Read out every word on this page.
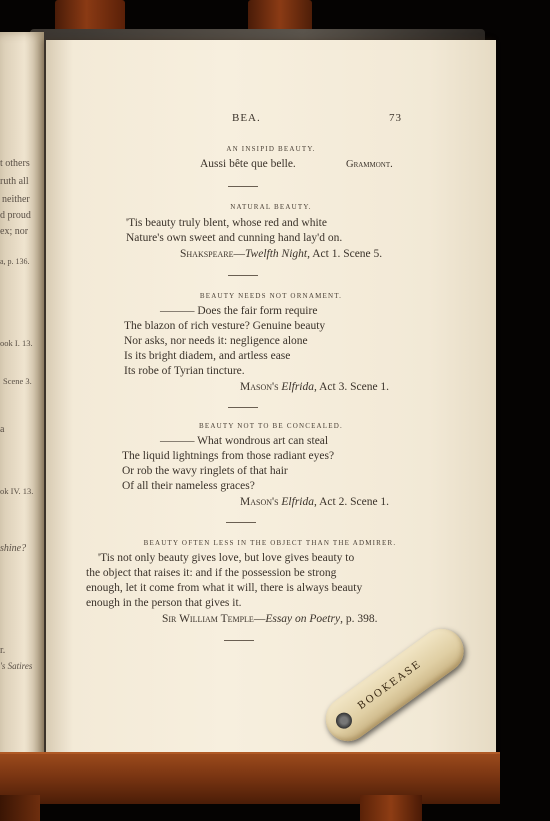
t others
ruth all
neither
d proud
ex; nor
a, p. 136.
ook I. 13.
Scene 3.
a
ok IV. 13.
shine?
r.
's Satires
BEA.	73
AN INSIPID BEAUTY.
Aussi bête que belle.	Grammont.
NATURAL BEAUTY.
'Tis beauty truly blent, whose red and white
Nature's own sweet and cunning hand lay'd on.
Shakspeare—Twelfth Night, Act 1. Scene 5.
BEAUTY NEEDS NOT ORNAMENT.
——— Does the fair form require
The blazon of rich vesture? Genuine beauty
Nor asks, nor needs it: negligence alone
Is its bright diadem, and artless ease
Its robe of Tyrian tincture.
Mason's Elfrida, Act 3. Scene 1.
BEAUTY NOT TO BE CONCEALED.
——— What wondrous art can steal
The liquid lightnings from those radiant eyes?
Or rob the wavy ringlets of that hair
Of all their nameless graces?
Mason's Elfrida, Act 2. Scene 1.
BEAUTY OFTEN LESS IN THE OBJECT THAN THE ADMIRER.
'Tis not only beauty gives love, but love gives beauty to
the object that raises it: and if the possession be strong
enough, let it come from what it will, there is always beauty
enough in the person that gives it.
Sir William Temple—Essay on Poetry, p. 398.
BOOKEASE
